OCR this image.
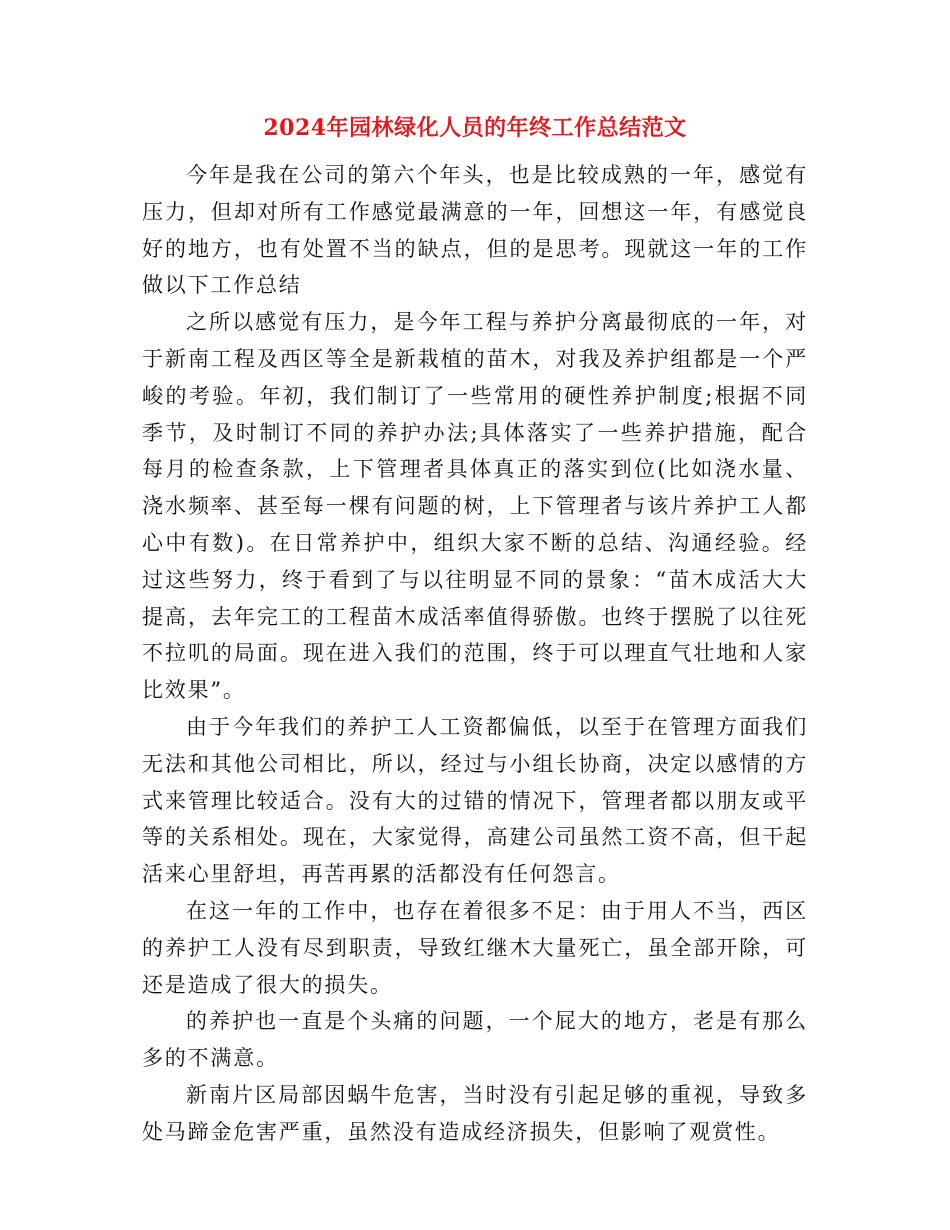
2024年园林绿化人员的年终工作总结范文

今年是我在公司的第六个年头，也是比较成熟的一年，感觉有压力，但却对所有工作感觉最满意的一年，回想这一年，有感觉良好的地方，也有处置不当的缺点，但的是思考。现就这一年的工作做以下工作总结

之所以感觉有压力，是今年工程与养护分离最彻底的一年，对于新南工程及西区等全是新栽植的苗木，对我及养护组都是一个严峻的考验。年初，我们制订了一些常用的硬性养护制度;根据不同季节，及时制订不同的养护办法;具体落实了一些养护措施，配合每月的检查条款，上下管理者具体真正的落实到位(比如浇水量、浇水频率、甚至每一棵有问题的树，上下管理者与该片养护工人都心中有数)。在日常养护中，组织大家不断的总结、沟通经验。经过这些努力，终于看到了与以往明显不同的景象：“苗木成活大大提高，去年完工的工程苗木成活率值得骄傲。也终于摆脱了以往死不拉叽的局面。现在进入我们的范围，终于可以理直气壮地和人家比效果”。

由于今年我们的养护工人工资都偏低，以至于在管理方面我们无法和其他公司相比，所以，经过与小组长协商，决定以感情的方式来管理比较适合。没有大的过错的情况下，管理者都以朋友或平等的关系相处。现在，大家觉得，高建公司虽然工资不高，但干起活来心里舒坦，再苦再累的活都没有任何怨言。

在这一年的工作中，也存在着很多不足：由于用人不当，西区的养护工人没有尽到职责，导致红继木大量死亡，虽全部开除，可还是造成了很大的损失。

的养护也一直是个头痛的问题，一个屁大的地方，老是有那么多的不满意。

新南片区局部因蜗牛危害，当时没有引起足够的重视，导致多处马蹄金危害严重，虽然没有造成经济损失，但影响了观赏性。
